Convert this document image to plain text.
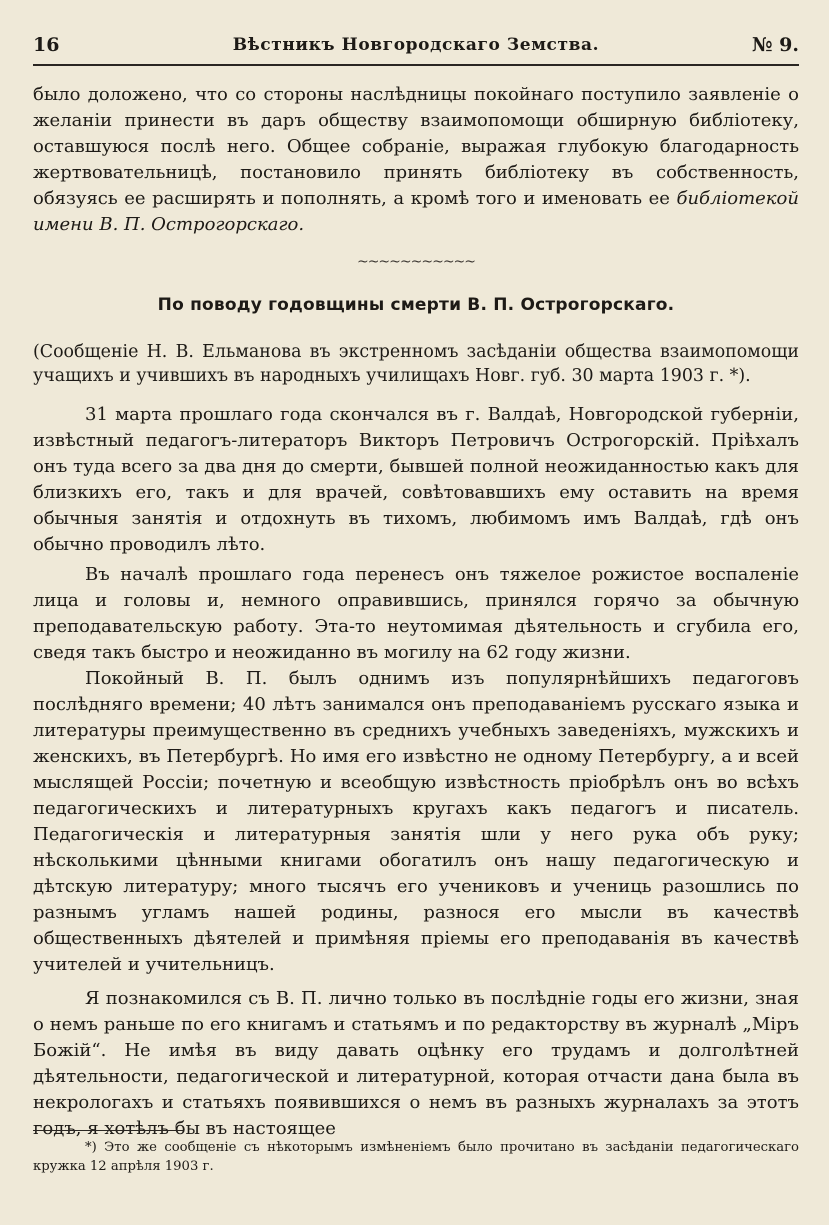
16	Вѣстникъ Новгородскаго Земства.	№ 9.

было доложено, что со стороны наслѣдницы покойнаго поступило заявленіе о желаніи принести въ даръ обществу взаимопомощи обширную библіотеку, оставшуюся послѣ него. Общее собраніе, выражая глубокую благодарность жертвовательницѣ, постановило принять библіотеку въ собственность, обязуясь ее расширять и пополнять, а кромѣ того и именовать ее библіотекой имени В. П. Острогорскаго.

~~~~~~~~~~~
По поводу годовщины смерти В. П. Острогорскаго.

(Сообщеніе Н. В. Ельманова въ экстренномъ засѣданіи общества взаимопомощи учащихъ и учившихъ въ народныхъ училищахъ Новг. губ. 30 марта 1903 г. *).

31 марта прошлаго года скончался въ г. Валдаѣ, Новгородской губерніи, извѣстный педагогъ-литераторъ Викторъ Петровичъ Острогорскій. Пріѣхалъ онъ туда всего за два дня до смерти, бывшей полной неожиданностью какъ для близкихъ его, такъ и для врачей, совѣтовавшихъ ему оставить на время обычныя занятія и отдохнуть въ тихомъ, любимомъ имъ Валдаѣ, гдѣ онъ обычно проводилъ лѣто.

Въ началѣ прошлаго года перенесъ онъ тяжелое рожистое воспаленіе лица и головы и, немного оправившись, принялся горячо за обычную преподавательскую работу. Эта-то неутомимая дѣятельность и сгубила его, сведя такъ быстро и неожиданно въ могилу на 62 году жизни.

Покойный В. П. былъ однимъ изъ популярнѣйшихъ педагоговъ послѣдняго времени; 40 лѣтъ занимался онъ преподаваніемъ русскаго языка и литературы преимущественно въ среднихъ учебныхъ заведеніяхъ, мужскихъ и женскихъ, въ Петербургѣ. Но имя его извѣстно не одному Петербургу, а и всей мыслящей Россіи; почетную и всеобщую извѣстность пріобрѣлъ онъ во всѣхъ педагогическихъ и литературныхъ кругахъ какъ педагогъ и писатель. Педагогическія и литературныя занятія шли у него рука объ руку; нѣсколькими цѣнными книгами обогатилъ онъ нашу педагогическую и дѣтскую литературу; много тысячъ его учениковъ и учениць разошлись по разнымъ угламъ нашей родины, разнося его мысли въ качествѣ общественныхъ дѣятелей и примѣняя пріемы его преподаванія въ качествѣ учителей и учительницъ.

Я познакомился съ В. П. лично только въ послѣдніе годы его жизни, зная о немъ раньше по его книгамъ и статьямъ и по редакторству въ журналѣ „Міръ Божій“. Не имѣя въ виду давать оцѣнку его трудамъ и долголѣтней дѣятельности, педагогической и литературной, которая отчасти дана была въ некрологахъ и статьяхъ появившихся о немъ въ разныхъ журналахъ за этотъ годъ, я хотѣлъ бы въ настоящее

*) Это же сообщеніе съ нѣкоторымъ измѣненіемъ было прочитано въ засѣданіи педагогическаго кружка 12 апрѣля 1903 г.
